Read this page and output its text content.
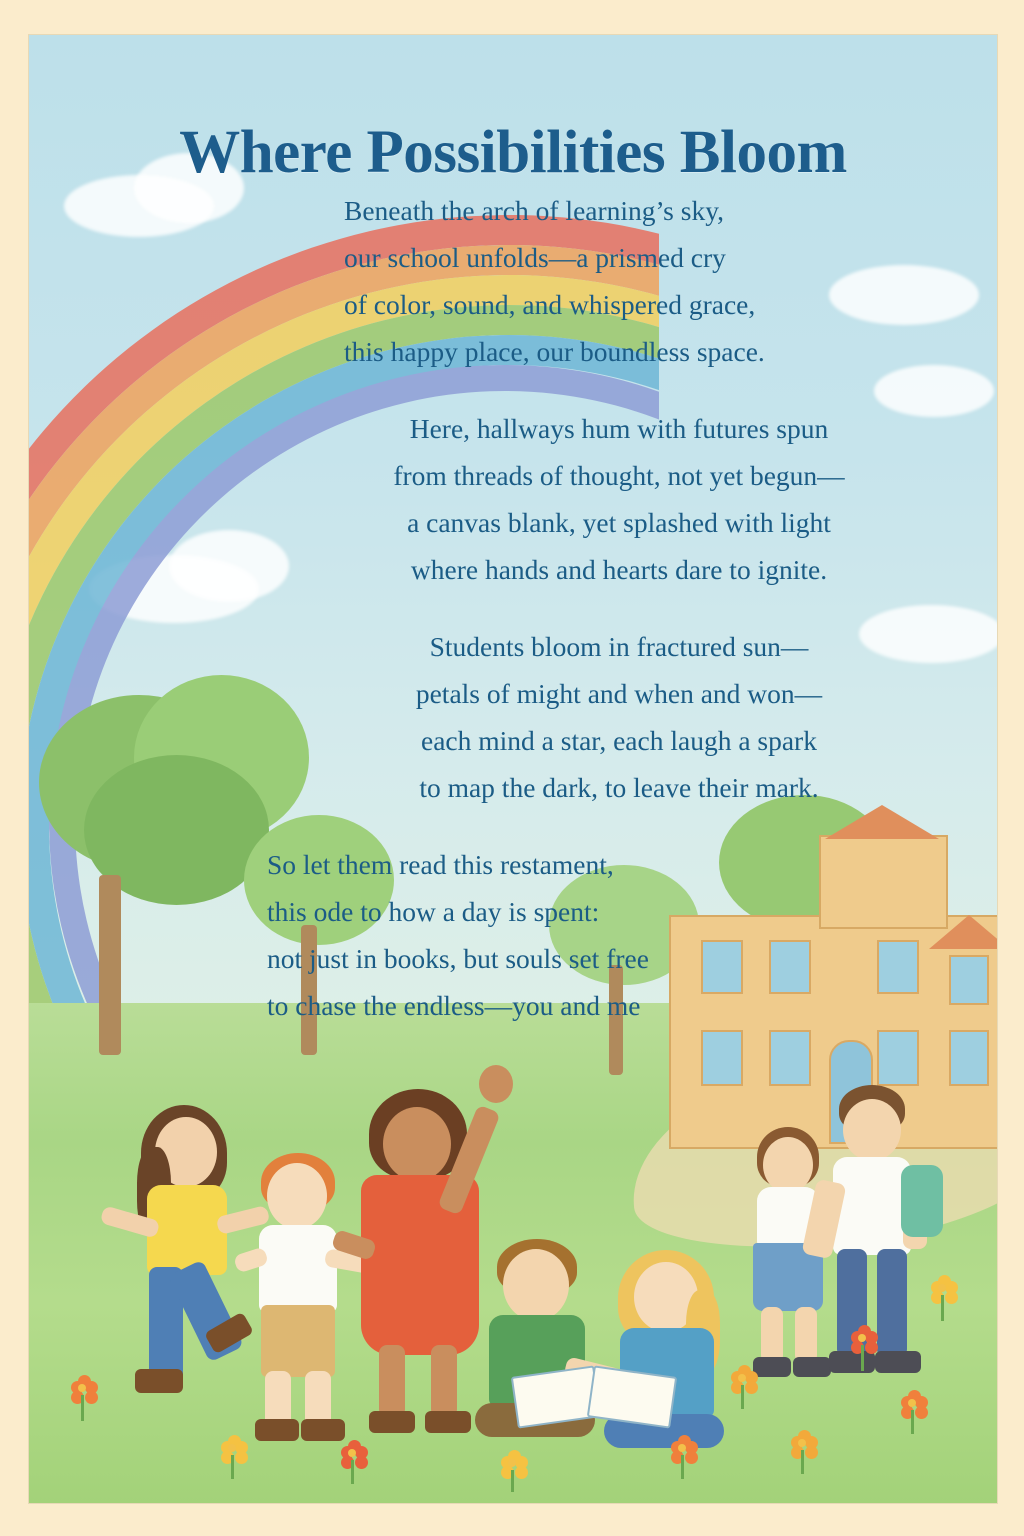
Where Possibilities Bloom

Beneath the arch of learning’s sky,
our school unfolds—a prismed cry
of color, sound, and whispered grace,
this happy place, our boundless space.

Here, hallways hum with futures spun
from threads of thought, not yet begun—
a canvas blank, yet splashed with light
where hands and hearts dare to ignite.

Students bloom in fractured sun—
petals of might and when and won—
each mind a star, each laugh a spark
to map the dark, to leave their mark.

So let them read this restament,
this ode to how a day is spent:
not just in books, but souls set free
to chase the endless—you and me
